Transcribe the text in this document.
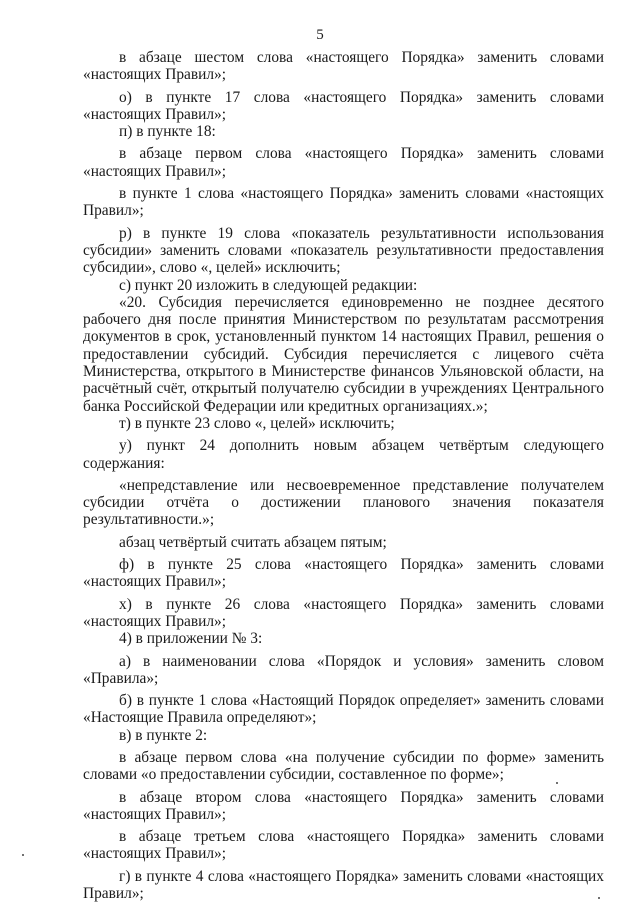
5

в абзаце шестом слова «настоящего Порядка» заменить словами «настоящих Правил»;

о) в пункте 17 слова «настоящего Порядка» заменить словами «настоящих Правил»;

п) в пункте 18:

в абзаце первом слова «настоящего Порядка» заменить словами «настоящих Правил»;

в пункте 1 слова «настоящего Порядка» заменить словами «настоящих Правил»;

р) в пункте 19 слова «показатель результативности использования субсидии» заменить словами «показатель результативности предоставления субсидии», слово «, целей» исключить;

с) пункт 20 изложить в следующей редакции:

«20. Субсидия перечисляется единовременно не позднее десятого рабочего дня после принятия Министерством по результатам рассмотрения документов в срок, установленный пунктом 14 настоящих Правил, решения о предоставлении субсидий. Субсидия перечисляется с лицевого счёта Министерства, открытого в Министерстве финансов Ульяновской области, на расчётный счёт, открытый получателю субсидии в учреждениях Центрального банка Российской Федерации или кредитных организациях.»;

т) в пункте 23 слово «, целей» исключить;

у) пункт 24 дополнить новым абзацем четвёртым следующего содержания:

«непредставление или несвоевременное представление получателем субсидии отчёта о достижении планового значения показателя результативности.»;

абзац четвёртый считать абзацем пятым;

ф) в пункте 25 слова «настоящего Порядка» заменить словами «настоящих Правил»;

х) в пункте 26 слова «настоящего Порядка» заменить словами «настоящих Правил»;

4) в приложении № 3:

а) в наименовании слова «Порядок и условия» заменить словом «Правила»;

б) в пункте 1 слова «Настоящий Порядок определяет» заменить словами «Настоящие Правила определяют»;

в) в пункте 2:

в абзаце первом слова «на получение субсидии по форме» заменить словами «о предоставлении субсидии, составленное по форме»;

в абзаце втором слова «настоящего Порядка» заменить словами «настоящих Правил»;

в абзаце третьем слова «настоящего Порядка» заменить словами «настоящих Правил»;

г) в пункте 4 слова «настоящего Порядка» заменить словами «настоящих Правил»;
